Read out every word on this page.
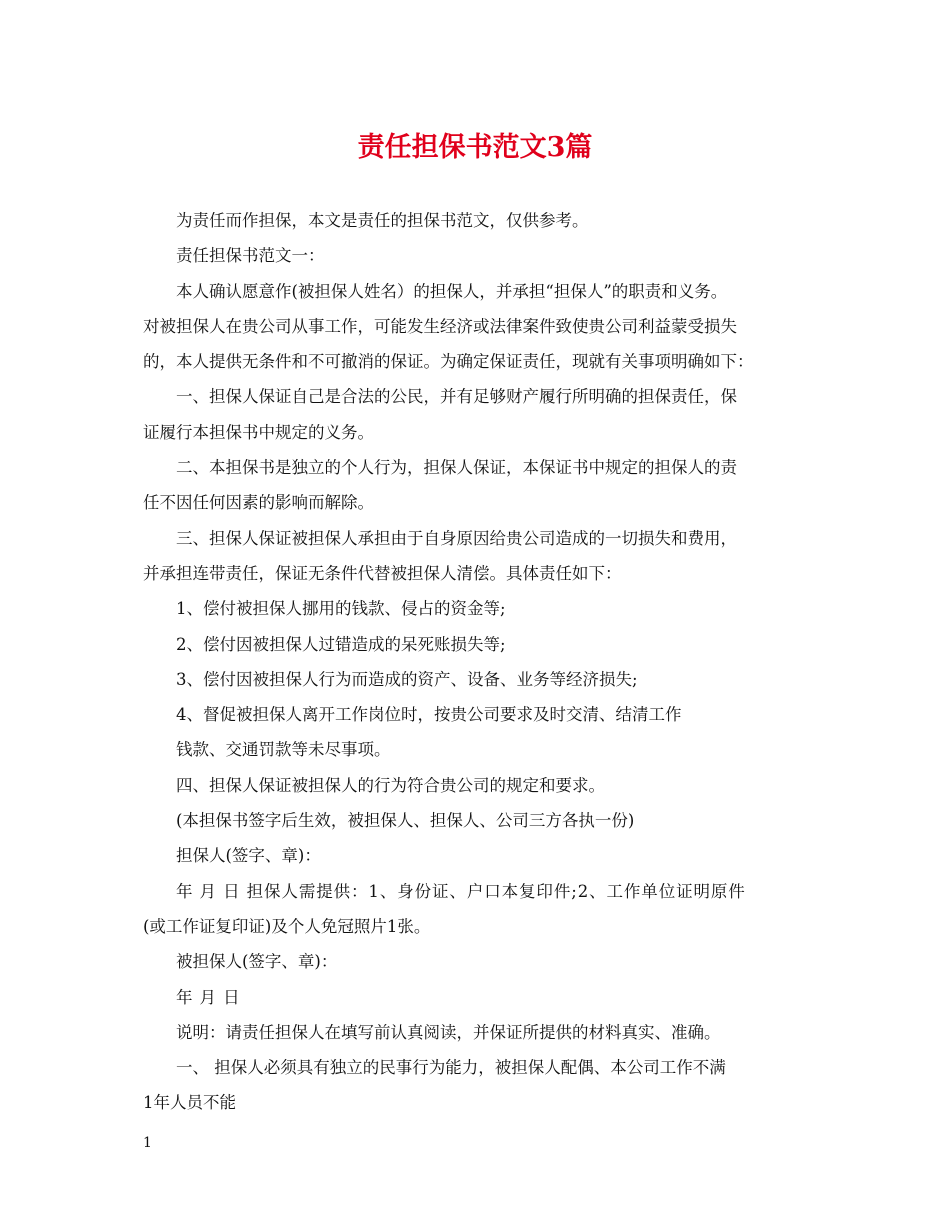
责任担保书范文3篇

为责任而作担保，本文是责任的担保书范文，仅供参考。

责任担保书范文一：

本人确认愿意作(被担保人姓名）的担保人，并承担“担保人”的职责和义务。

对被担保人在贵公司从事工作，可能发生经济或法律案件致使贵公司利益蒙受损失

的，本人提供无条件和不可撤消的保证。为确定保证责任，现就有关事项明确如下：

一、担保人保证自己是合法的公民，并有足够财产履行所明确的担保责任，保

证履行本担保书中规定的义务。

二、本担保书是独立的个人行为，担保人保证，本保证书中规定的担保人的责

任不因任何因素的影响而解除。

三、担保人保证被担保人承担由于自身原因给贵公司造成的一切损失和费用，

并承担连带责任，保证无条件代替被担保人清偿。具体责任如下：

1、偿付被担保人挪用的钱款、侵占的资金等;

2、偿付因被担保人过错造成的呆死账损失等;

3、偿付因被担保人行为而造成的资产、设备、业务等经济损失;

4、督促被担保人离开工作岗位时，按贵公司要求及时交清、结清工作

钱款、交通罚款等未尽事项。

四、担保人保证被担保人的行为符合贵公司的规定和要求。

(本担保书签字后生效，被担保人、担保人、公司三方各执一份)

担保人(签字、章)：

年 月 日 担保人需提供：1、身份证、户口本复印件;2、工作单位证明原件

(或工作证复印证)及个人免冠照片1张。

被担保人(签字、章)：

年 月 日

说明：请责任担保人在填写前认真阅读，并保证所提供的材料真实、准确。

一、 担保人必须具有独立的民事行为能力，被担保人配偶、本公司工作不满

1年人员不能

1
